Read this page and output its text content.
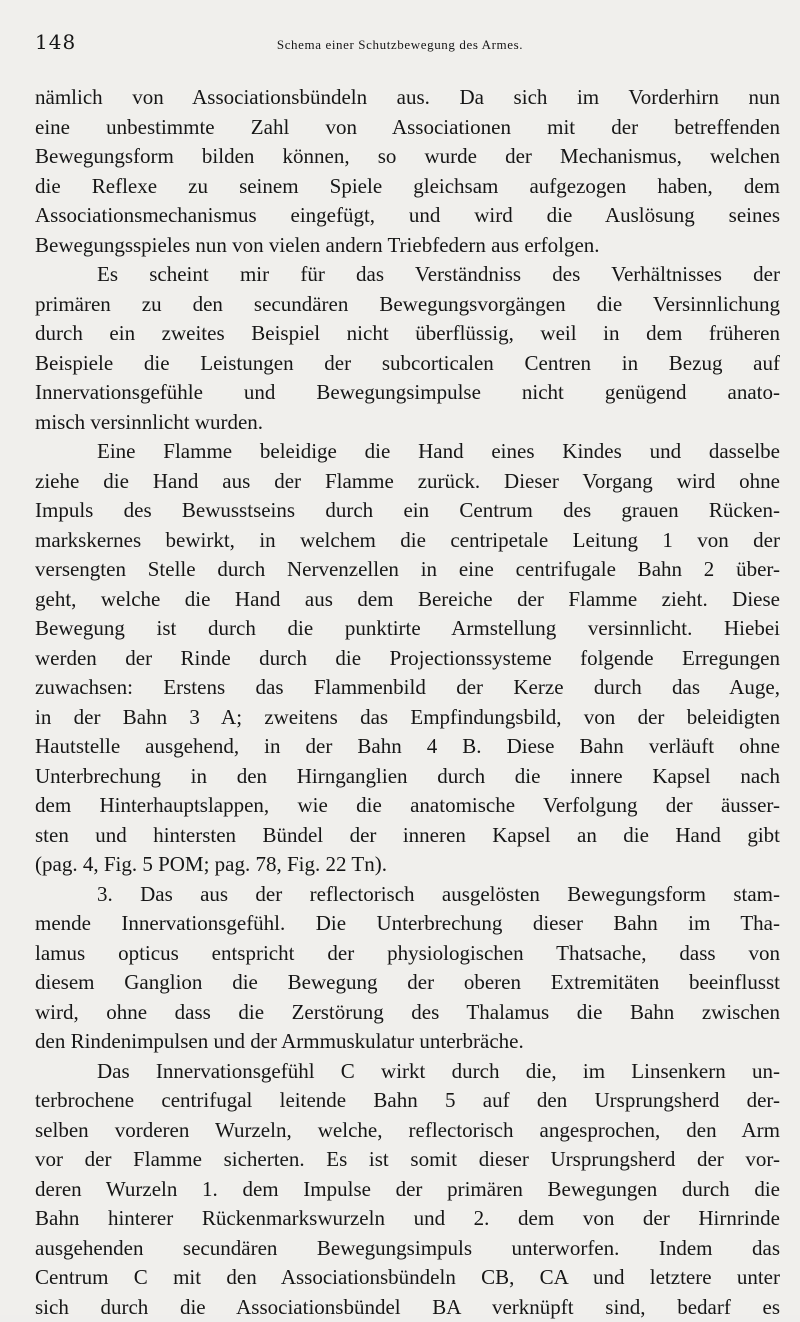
148	Schema einer Schutzbewegung des Armes.
nämlich von Associationsbündeln aus. Da sich im Vorderhirn nun
eine unbestimmte Zahl von Associationen mit der betreffenden
Bewegungsform bilden können, so wurde der Mechanismus, welchen
die Reflexe zu seinem Spiele gleichsam aufgezogen haben, dem
Associationsmechanismus eingefügt, und wird die Auslösung seines
Bewegungsspieles nun von vielen andern Triebfedern aus erfolgen.
Es scheint mir für das Verständniss des Verhältnisses der
primären zu den secundären Bewegungsvorgängen die Versinnlichung
durch ein zweites Beispiel nicht überflüssig, weil in dem früheren
Beispiele die Leistungen der subcorticalen Centren in Bezug auf
Innervationsgefühle und Bewegungsimpulse nicht genügend anato-
misch versinnlicht wurden.
Eine Flamme beleidige die Hand eines Kindes und dasselbe
ziehe die Hand aus der Flamme zurück. Dieser Vorgang wird ohne
Impuls des Bewusstseins durch ein Centrum des grauen Rücken-
markskernes bewirkt, in welchem die centripetale Leitung 1 von der
versengten Stelle durch Nervenzellen in eine centrifugale Bahn 2 über-
geht, welche die Hand aus dem Bereiche der Flamme zieht. Diese
Bewegung ist durch die punktirte Armstellung versinnlicht. Hiebei
werden der Rinde durch die Projectionssysteme folgende Erregungen
zuwachsen: Erstens das Flammenbild der Kerze durch das Auge,
in der Bahn 3 A; zweitens das Empfindungsbild, von der beleidigten
Hautstelle ausgehend, in der Bahn 4 B. Diese Bahn verläuft ohne
Unterbrechung in den Hirnganglien durch die innere Kapsel nach
dem Hinterhauptslappen, wie die anatomische Verfolgung der äusser-
sten und hintersten Bündel der inneren Kapsel an die Hand gibt
(pag. 4, Fig. 5 POM; pag. 78, Fig. 22 Tn).
3. Das aus der reflectorisch ausgelösten Bewegungsform stam-
mende Innervationsgefühl. Die Unterbrechung dieser Bahn im Tha-
lamus opticus entspricht der physiologischen Thatsache, dass von
diesem Ganglion die Bewegung der oberen Extremitäten beeinflusst
wird, ohne dass die Zerstörung des Thalamus die Bahn zwischen
den Rindenimpulsen und der Armmuskulatur unterbräche.
Das Innervationsgefühl C wirkt durch die, im Linsenkern un-
terbrochene centrifugal leitende Bahn 5 auf den Ursprungsherd der-
selben vorderen Wurzeln, welche, reflectorisch angesprochen, den Arm
vor der Flamme sicherten. Es ist somit dieser Ursprungsherd der vor-
deren Wurzeln 1. dem Impulse der primären Bewegungen durch die
Bahn hinterer Rückenmarkswurzeln und 2. dem von der Hirnrinde
ausgehenden secundären Bewegungsimpuls unterworfen. Indem das
Centrum C mit den Associationsbündeln CB, CA und letztere unter
sich durch die Associationsbündel BA verknüpft sind, bedarf es
